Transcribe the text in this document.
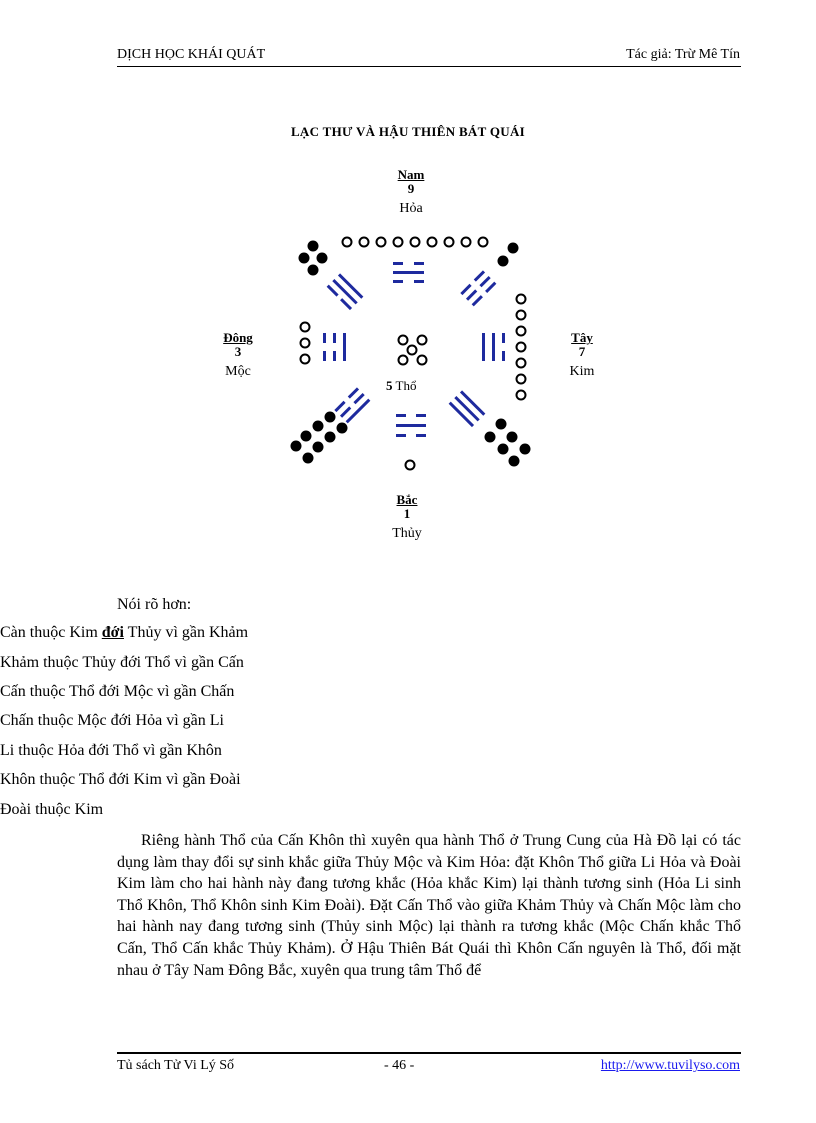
DỊCH HỌC KHÁI QUÁT	Tác giả: Trừ Mê Tín
LẠC THƯ VÀ HẬU THIÊN BÁT QUÁI
Nam
9
Hỏa
Đông
3
Mộc
Tây
7
Kim
Bắc
1
Thủy
5 Thổ
Nói rõ hơn:
Càn thuộc Kim đới Thủy vì gần Khảm
Khảm thuộc Thủy đới Thổ vì gần Cấn
Cấn thuộc Thổ đới Mộc vì gần Chấn
Chấn thuộc Mộc đới Hỏa vì gần Li
Li thuộc Hỏa đới Thổ vì gần Khôn
Khôn thuộc Thổ đới Kim vì gần Đoài
Đoài thuộc Kim

Riêng hành Thổ của Cấn Khôn thì xuyên qua hành Thổ ở Trung Cung của Hà Đồ lại có tác dụng làm thay đổi sự sinh khắc giữa Thủy Mộc và Kim Hỏa: đặt Khôn Thổ giữa Li Hỏa và Đoài Kim làm cho hai hành này đang tương khắc (Hỏa khắc Kim) lại thành tương sinh (Hỏa Li sinh Thổ Khôn, Thổ Khôn sinh Kim Đoài). Đặt Cấn Thổ vào giữa Khảm Thủy và Chấn Mộc làm cho hai hành nay đang tương sinh (Thủy sinh Mộc) lại thành ra tương khắc (Mộc Chấn khắc Thổ Cấn, Thổ Cấn khắc Thủy Khảm). Ở Hậu Thiên Bát Quái thì Khôn Cấn nguyên là Thổ, đối mặt nhau ở Tây Nam Đông Bắc, xuyên qua trung tâm Thổ để

Tủ sách Tử Vi Lý Số	- 46 -	http://www.tuvilyso.com
